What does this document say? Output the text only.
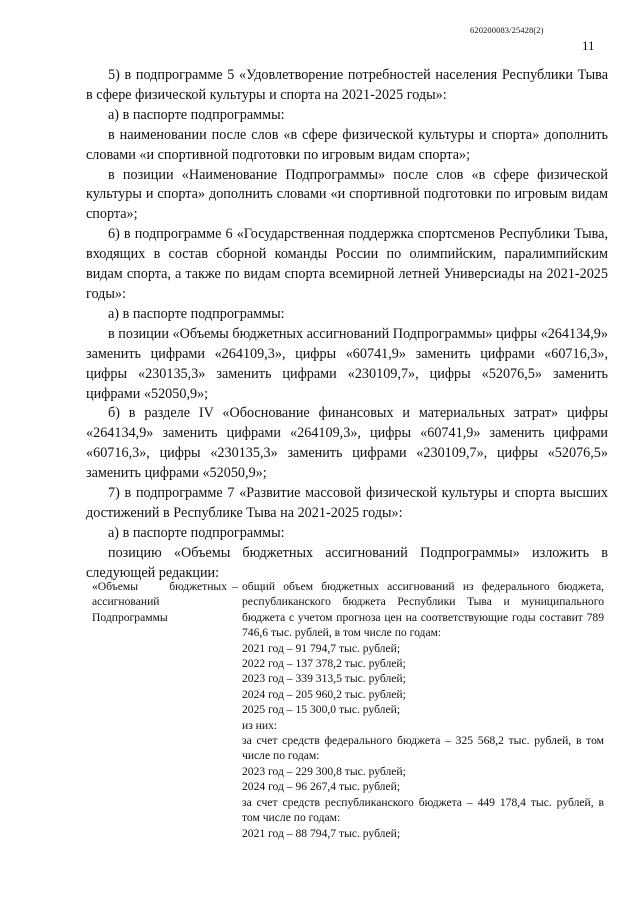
620200083/25428(2)
11

5) в подпрограмме 5 «Удовлетворение потребностей населения Республики Тыва в сфере физической культуры и спорта на 2021-2025 годы»:

а) в паспорте подпрограммы:

в наименовании после слов «в сфере физической культуры и спорта» дополнить словами «и спортивной подготовки по игровым видам спорта»;

в позиции «Наименование Подпрограммы» после слов «в сфере физической культуры и спорта» дополнить словами «и спортивной подготовки по игровым видам спорта»;

6) в подпрограмме 6 «Государственная поддержка спортсменов Республики Тыва, входящих в состав сборной команды России по олимпийским, паралимпийским видам спорта, а также по видам спорта всемирной летней Универсиады на 2021-2025 годы»:

а) в паспорте подпрограммы:

в позиции «Объемы бюджетных ассигнований Подпрограммы» цифры «264134,9» заменить цифрами «264109,3», цифры «60741,9» заменить цифрами «60716,3», цифры «230135,3» заменить цифрами «230109,7», цифры «52076,5» заменить цифрами «52050,9»;

б) в разделе IV «Обоснование финансовых и материальных затрат» цифры «264134,9» заменить цифрами «264109,3», цифры «60741,9» заменить цифрами «60716,3», цифры «230135,3» заменить цифрами «230109,7», цифры «52076,5» заменить цифрами «52050,9»;

7) в подпрограмме 7 «Развитие массовой физической культуры и спорта высших достижений в Республике Тыва на 2021-2025 годы»:

а) в паспорте подпрограммы:

позицию «Объемы бюджетных ассигнований Подпрограммы» изложить в следующей редакции:

«Объемы бюджетных ассигнований Подпрограммы
– общий объем бюджетных ассигнований из федерального бюджета, республиканского бюджета Республики Тыва и муниципального бюджета с учетом прогноза цен на соответствующие годы составит 789 746,6 тыс. рублей, в том числе по годам:

2021 год – 91 794,7 тыс. рублей;

2022 год – 137 378,2 тыс. рублей;

2023 год – 339 313,5 тыс. рублей;

2024 год – 205 960,2 тыс. рублей;

2025 год – 15 300,0 тыс. рублей;

из них:

за счет средств федерального бюджета – 325 568,2 тыс. рублей, в том числе по годам:

2023 год – 229 300,8 тыс. рублей;

2024 год – 96 267,4 тыс. рублей;

за счет средств республиканского бюджета – 449 178,4 тыс. рублей, в том числе по годам:

2021 год – 88 794,7 тыс. рублей;
